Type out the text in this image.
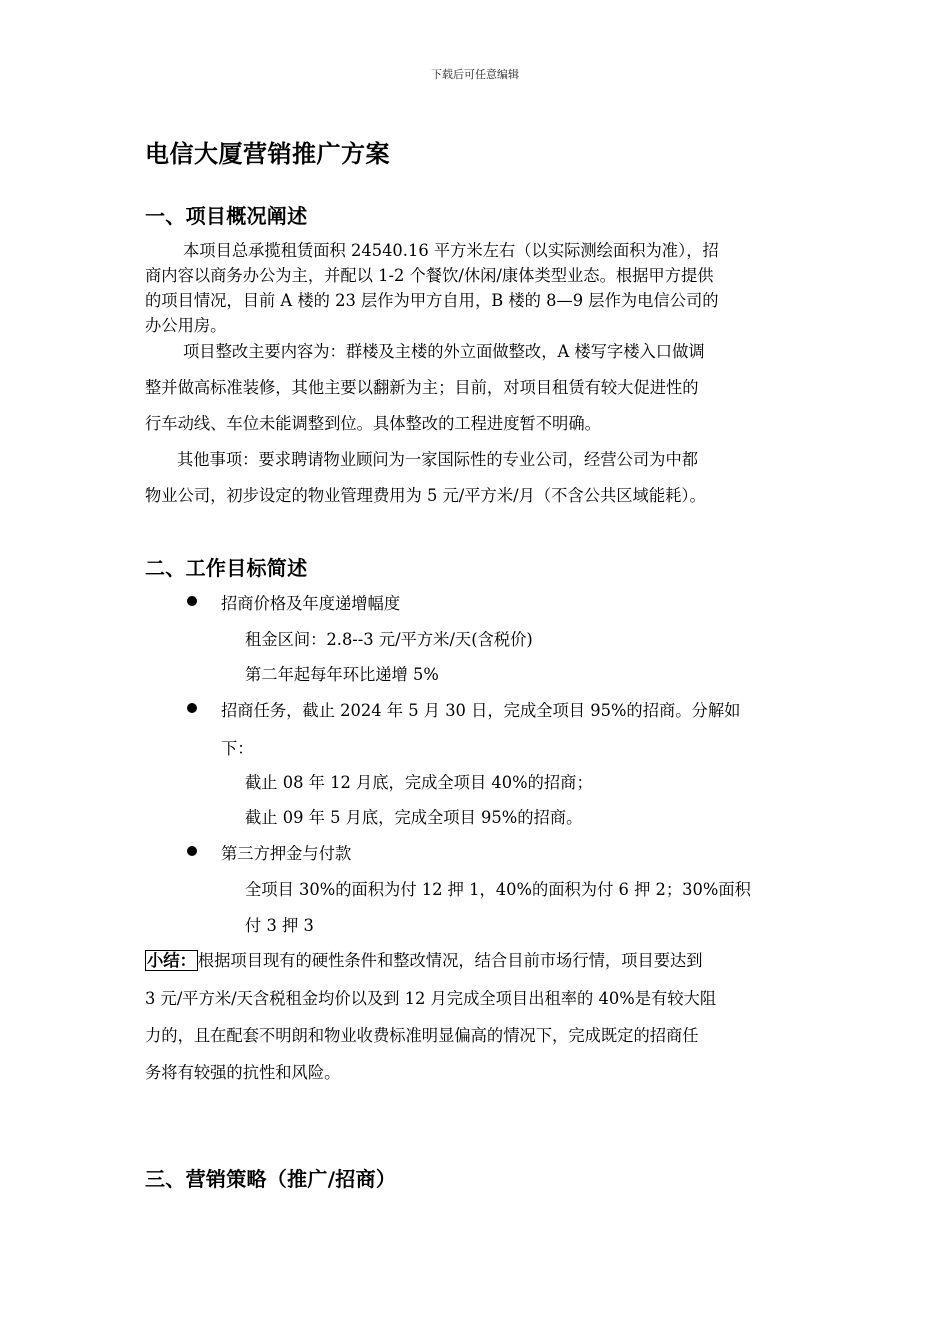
下载后可任意编辑
电信大厦营销推广方案
一、项目概况阐述
本项目总承揽租赁面积 24540.16 平方米左右（以实际测绘面积为准），招
商内容以商务办公为主，并配以 1-2 个餐饮/休闲/康体类型业态。根据甲方提供
的项目情况，目前 A 楼的 23 层作为甲方自用，B 楼的 8—9 层作为电信公司的
办公用房。
项目整改主要内容为：群楼及主楼的外立面做整改，A 楼写字楼入口做调
整并做高标准装修，其他主要以翻新为主；目前，对项目租赁有较大促进性的
行车动线、车位未能调整到位。具体整改的工程进度暂不明确。
其他事项：要求聘请物业顾问为一家国际性的专业公司，经营公司为中都
物业公司，初步设定的物业管理费用为 5 元/平方米/月（不含公共区域能耗）。
二、工作目标简述
招商价格及年度递增幅度
租金区间：2.8--3 元/平方米/天(含税价)
第二年起每年环比递增 5%
招商任务，截止 2024 年 5 月 30 日，完成全项目 95%的招商。分解如
下：
截止 08 年 12 月底，完成全项目 40%的招商；
截止 09 年 5 月底，完成全项目 95%的招商。
第三方押金与付款
全项目 30%的面积为付 12 押 1，40%的面积为付 6 押 2；30%面积
付 3 押 3
小结： 根据项目现有的硬性条件和整改情况，结合目前市场行情，项目要达到
3 元/平方米/天含税租金均价以及到 12 月完成全项目出租率的 40%是有较大阻
力的，且在配套不明朗和物业收费标准明显偏高的情况下，完成既定的招商任
务将有较强的抗性和风险。
三、营销策略（推广/招商）
